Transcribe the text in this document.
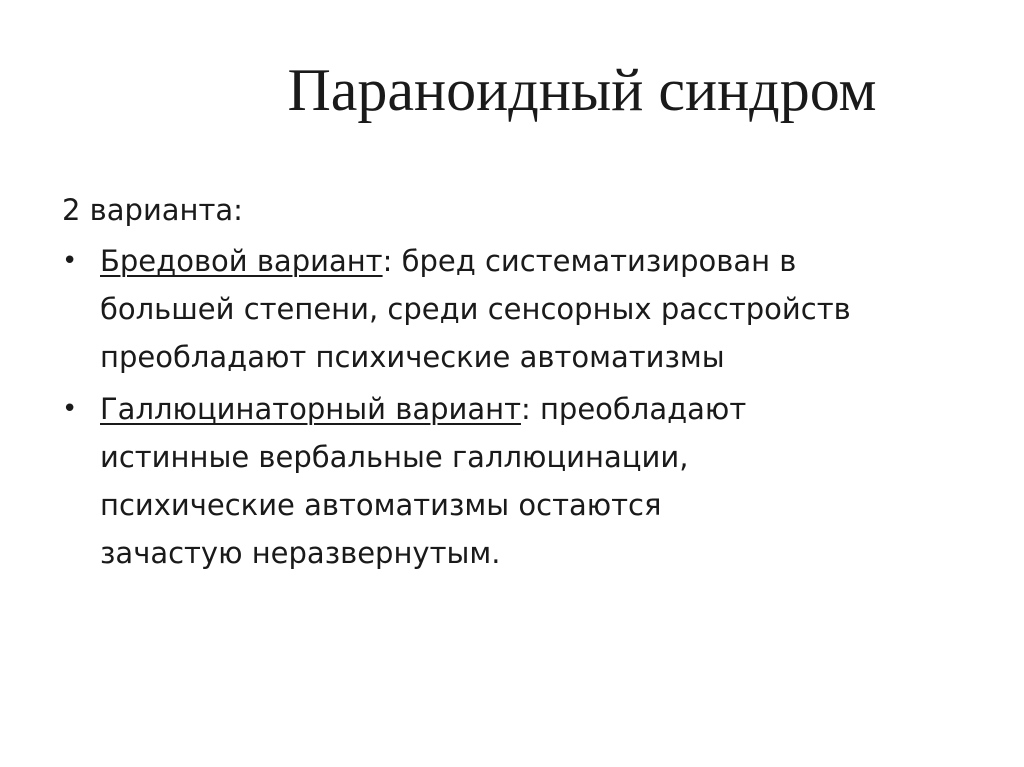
Параноидный синдром

2 варианта:

• Бредовой вариант: бред систематизирован в
большей степени, среди сенсорных расстройств
преобладают психические автоматизмы
• Галлюцинаторный вариант: преобладают
истинные вербальные галлюцинации,
психические автоматизмы остаются
зачастую неразвернутым.
